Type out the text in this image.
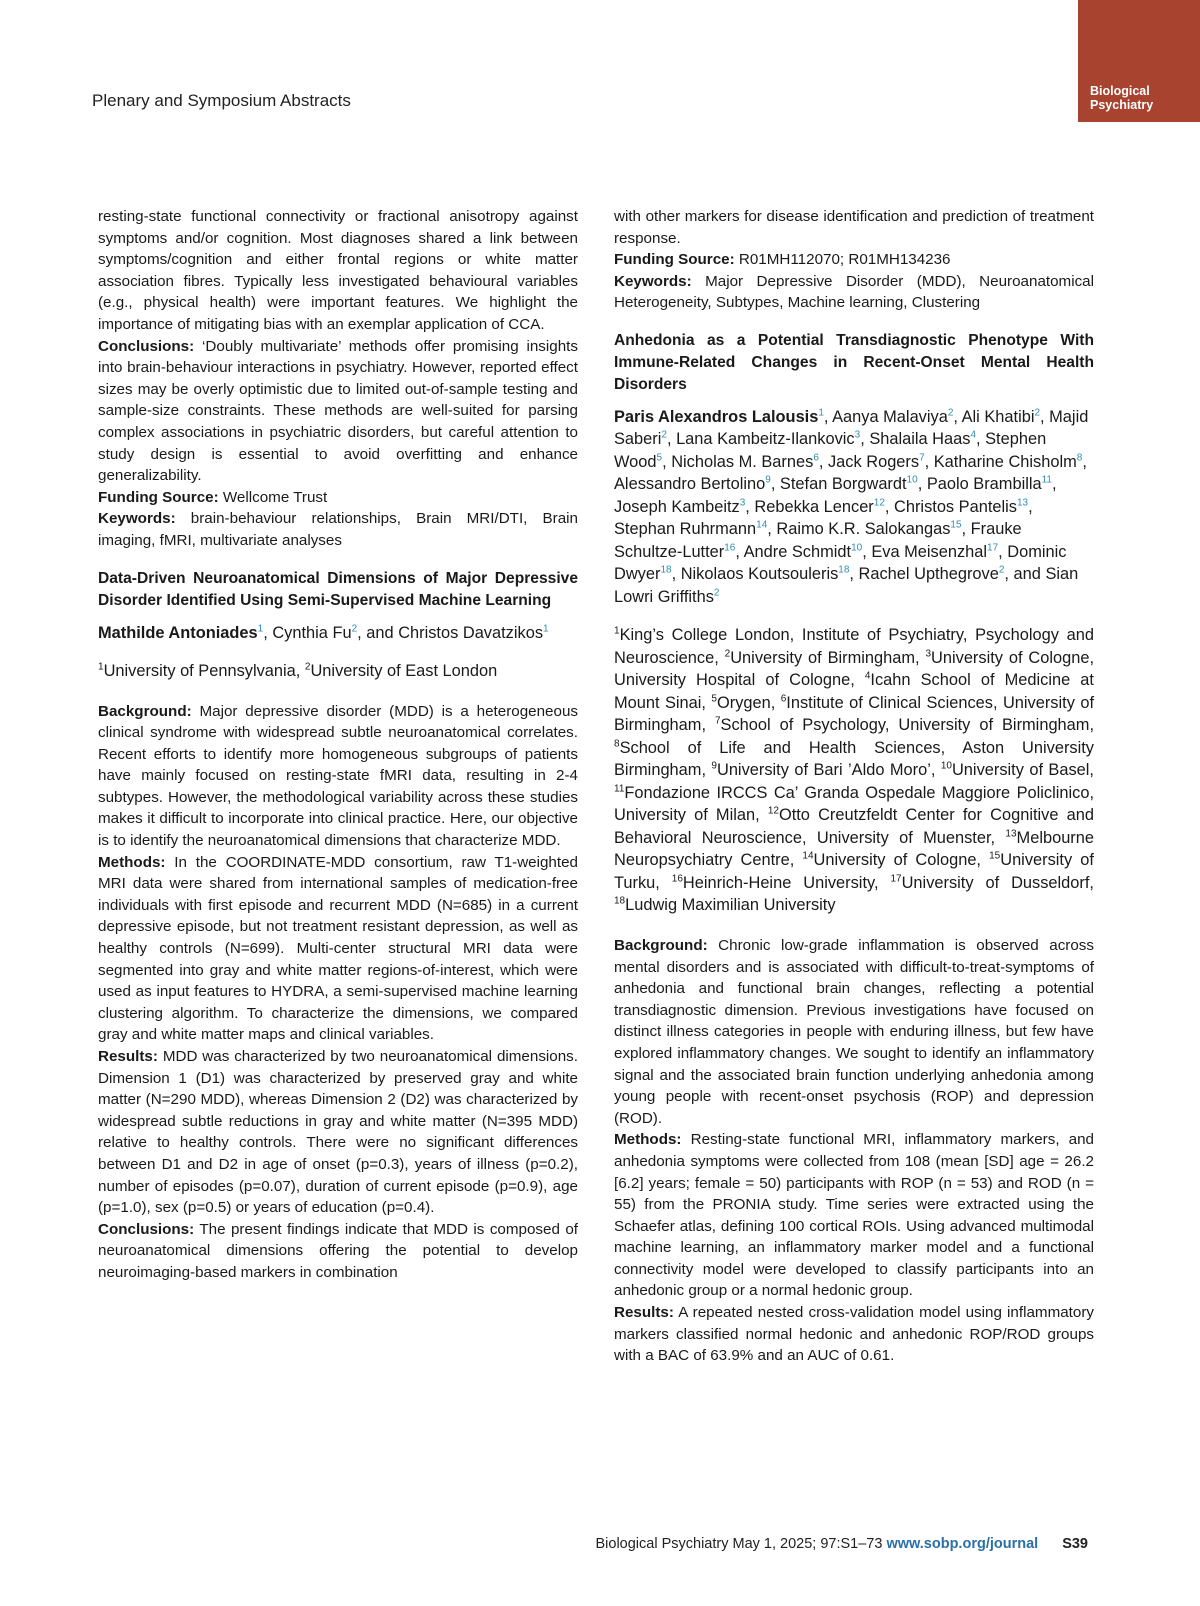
Plenary and Symposium Abstracts	Biological
Psychiatry

resting-state functional connectivity or fractional anisotropy against symptoms and/or cognition. Most diagnoses shared a link between symptoms/cognition and either frontal regions or white matter association fibres. Typically less investigated behavioural variables (e.g., physical health) were important features. We highlight the importance of mitigating bias with an exemplar application of CCA.

Conclusions: ‘Doubly multivariate’ methods offer promising insights into brain-behaviour interactions in psychiatry. However, reported effect sizes may be overly optimistic due to limited out-of-sample testing and sample-size constraints. These methods are well-suited for parsing complex associations in psychiatric disorders, but careful attention to study design is essential to avoid overfitting and enhance generalizability.

Funding Source: Wellcome Trust

Keywords: brain-behaviour relationships, Brain MRI/DTI, Brain imaging, fMRI, multivariate analyses

Data-Driven Neuroanatomical Dimensions of Major Depressive Disorder Identified Using Semi-Supervised Machine Learning
Mathilde Antoniades$^1$, Cynthia Fu$^2$, and Christos Davatzikos$^1$
$^1$University of Pennsylvania, $^2$University of East London

Background: Major depressive disorder (MDD) is a heterogeneous clinical syndrome with widespread subtle neuroanatomical correlates. Recent efforts to identify more homogeneous subgroups of patients have mainly focused on resting-state fMRI data, resulting in 2-4 subtypes. However, the methodological variability across these studies makes it difficult to incorporate into clinical practice. Here, our objective is to identify the neuroanatomical dimensions that characterize MDD.

Methods: In the COORDINATE-MDD consortium, raw T1-weighted MRI data were shared from international samples of medication-free individuals with first episode and recurrent MDD (N=685) in a current depressive episode, but not treatment resistant depression, as well as healthy controls (N=699). Multi-center structural MRI data were segmented into gray and white matter regions-of-interest, which were used as input features to HYDRA, a semi-supervised machine learning clustering algorithm. To characterize the dimensions, we compared gray and white matter maps and clinical variables.

Results: MDD was characterized by two neuroanatomical dimensions. Dimension 1 (D1) was characterized by preserved gray and white matter (N=290 MDD), whereas Dimension 2 (D2) was characterized by widespread subtle reductions in gray and white matter (N=395 MDD) relative to healthy controls. There were no significant differences between D1 and D2 in age of onset (p=0.3), years of illness (p=0.2), number of episodes (p=0.07), duration of current episode (p=0.9), age (p=1.0), sex (p=0.5) or years of education (p=0.4).

Conclusions: The present findings indicate that MDD is composed of neuroanatomical dimensions offering the potential to develop neuroimaging-based markers in combination

with other markers for disease identification and prediction of treatment response.

Funding Source: R01MH112070; R01MH134236

Keywords: Major Depressive Disorder (MDD), Neuroanatomical Heterogeneity, Subtypes, Machine learning, Clustering

Anhedonia as a Potential Transdiagnostic Phenotype With Immune-Related Changes in Recent-Onset Mental Health Disorders
Paris Alexandros Lalousis$^1$, Aanya Malaviya$^2$, Ali Khatibi$^2$, Majid Saberi$^2$, Lana Kambeitz-Ilankovic$^3$, Shalaila Haas$^4$, Stephen Wood$^5$, Nicholas M. Barnes$^6$, Jack Rogers$^7$, Katharine Chisholm$^8$, Alessandro Bertolino$^9$, Stefan Borgwardt$^{10}$, Paolo Brambilla$^{11}$, Joseph Kambeitz$^3$, Rebekka Lencer$^{12}$, Christos Pantelis$^{13}$, Stephan Ruhrmann$^{14}$, Raimo K.R. Salokangas$^{15}$, Frauke Schultze-Lutter$^{16}$, Andre Schmidt$^{10}$, Eva Meisenzhal$^{17}$, Dominic Dwyer$^{18}$, Nikolaos Koutsouleris$^{18}$, Rachel Upthegrove$^2$, and Sian Lowri Griffiths$^2$
$^1$King’s College London, Institute of Psychiatry, Psychology and Neuroscience, $^2$University of Birmingham, $^3$University of Cologne, University Hospital of Cologne, $^4$Icahn School of Medicine at Mount Sinai, $^5$Orygen, $^6$Institute of Clinical Sciences, University of Birmingham, $^7$School of Psychology, University of Birmingham, $^8$School of Life and Health Sciences, Aston University Birmingham, $^9$University of Bari ’Aldo Moro’, $^{10}$University of Basel, $^{11}$Fondazione IRCCS Ca’ Granda Ospedale Maggiore Policlinico, University of Milan, $^{12}$Otto Creutzfeldt Center for Cognitive and Behavioral Neuroscience, University of Muenster, $^{13}$Melbourne Neuropsychiatry Centre, $^{14}$University of Cologne, $^{15}$University of Turku, $^{16}$Heinrich-Heine University, $^{17}$University of Dusseldorf, $^{18}$Ludwig Maximilian University

Background: Chronic low-grade inflammation is observed across mental disorders and is associated with difficult-to-treat-symptoms of anhedonia and functional brain changes, reflecting a potential transdiagnostic dimension. Previous investigations have focused on distinct illness categories in people with enduring illness, but few have explored inflammatory changes. We sought to identify an inflammatory signal and the associated brain function underlying anhedonia among young people with recent-onset psychosis (ROP) and depression (ROD).

Methods: Resting-state functional MRI, inflammatory markers, and anhedonia symptoms were collected from 108 (mean [SD] age = 26.2 [6.2] years; female = 50) participants with ROP (n = 53) and ROD (n = 55) from the PRONIA study. Time series were extracted using the Schaefer atlas, defining 100 cortical ROIs. Using advanced multimodal machine learning, an inflammatory marker model and a functional connectivity model were developed to classify participants into an anhedonic group or a normal hedonic group.

Results: A repeated nested cross-validation model using inflammatory markers classified normal hedonic and anhedonic ROP/ROD groups with a BAC of 63.9% and an AUC of 0.61.

Biological Psychiatry May 1, 2025; 97:S1–73 www.sobp.org/journal S39
